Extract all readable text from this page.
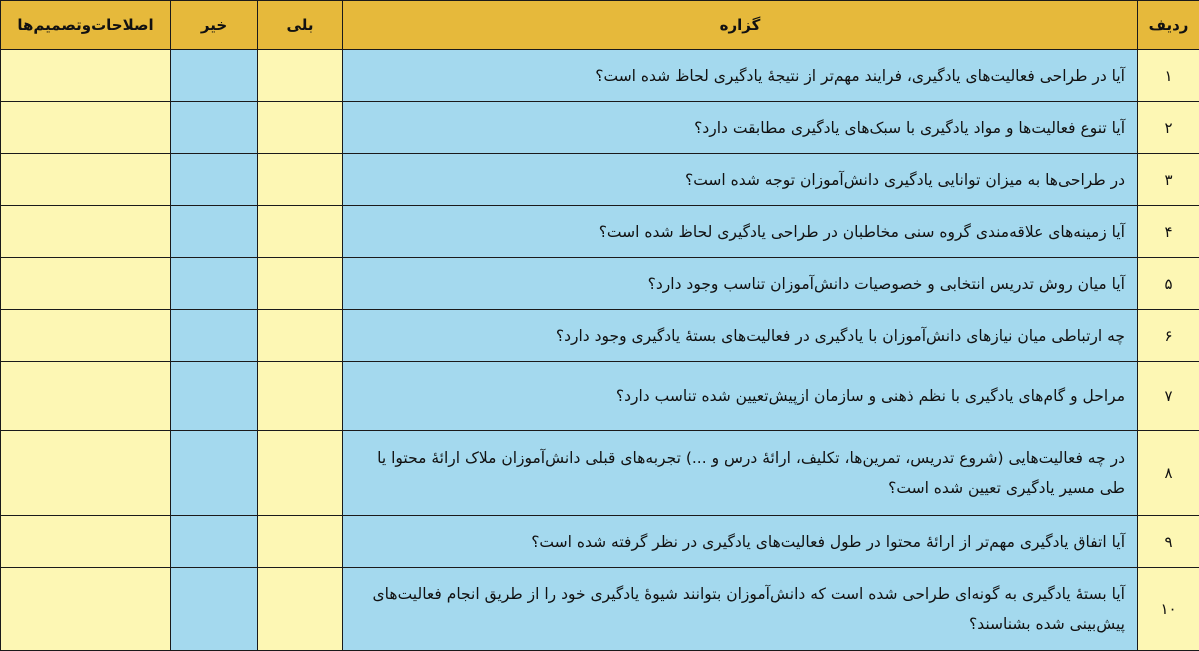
ردیف	گزاره	بلی	خیر	اصلاحات‌وتصمیم‌ها
۱	آیا در طراحی فعالیت‌های یادگیری، فرایند مهم‌تر از نتیجۀ یادگیری لحاظ شده است؟			
۲	آیا تنوع فعالیت‌ها و مواد یادگیری با سبک‌های یادگیری مطابقت دارد؟			
۳	در طراحی‌ها به میزان توانایی یادگیری دانش‌آموزان توجه شده است؟			
۴	آیا زمینه‌های علاقه‌مندی گروه سنی مخاطبان در طراحی یادگیری لحاظ شده است؟			
۵	آیا میان روش تدریس انتخابی و خصوصیات دانش‌آموزان تناسب وجود دارد؟			
۶	چه ارتباطی میان نیازهای دانش‌آموزان با یادگیری در فعالیت‌های بستۀ یادگیری وجود دارد؟			
۷	مراحل و گام‌های یادگیری با نظم ذهنی و سازمان ازپیش‌تعیین شده تناسب دارد؟			
۸	در چه فعالیت‌هایی (شروع تدریس، تمرین‌ها، تکلیف، ارائۀ درس و ...) تجربه‌های قبلی دانش‌آموزان ملاک ارائۀ محتوا یا طی مسیر یادگیری تعیین شده است؟			
۹	آیا اتفاق یادگیری مهم‌تر از ارائۀ محتوا در طول فعالیت‌های یادگیری در نظر گرفته شده است؟			
۱۰	آیا بستۀ یادگیری به گونه‌ای طراحی شده است که دانش‌آموزان بتوانند شیوۀ یادگیری خود را از طریق انجام فعالیت‌های پیش‌بینی شده بشناسند؟			
